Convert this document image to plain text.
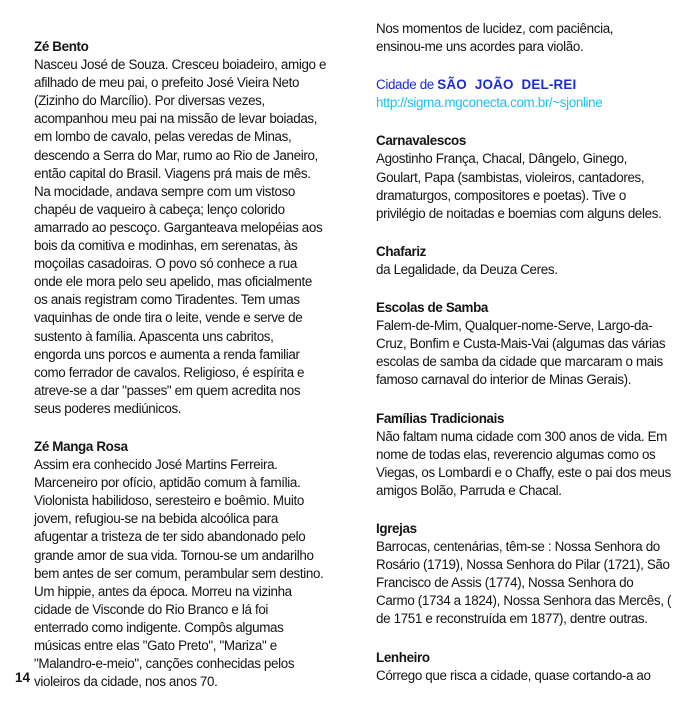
Zé Bento
Nasceu José de Souza. Cresceu boiadeiro, amigo e
afilhado de meu pai, o prefeito José Vieira Neto
(Zizinho do Marcílio). Por diversas vezes,
acompanhou meu pai na missão de levar boiadas,
em lombo de cavalo, pelas veredas de Minas,
descendo a Serra do Mar, rumo ao Rio de Janeiro,
então capital do Brasil. Viagens prá mais de mês.
Na mocidade, andava sempre com um vistoso
chapéu de vaqueiro à cabeça; lenço colorido
amarrado ao pescoço. Garganteava melopéias aos
bois da comitiva e modinhas, em serenatas, às
moçoilas casadoiras. O povo só conhece a rua
onde ele mora pelo seu apelido, mas oficialmente
os anais registram como Tiradentes. Tem umas
vaquinhas de onde tira o leite, vende e serve de
sustento à família. Apascenta uns cabritos,
engorda uns porcos e aumenta a renda familiar
como ferrador de cavalos. Religioso, é espírita e
atreve-se a dar "passes" em quem acredita nos
seus poderes mediúnicos.
Zé Manga Rosa
Assim era conhecido José Martins Ferreira.
Marceneiro por ofício, aptidão comum à família.
Violonista habilidoso, seresteiro e boêmio. Muito
jovem, refugiou-se na bebida alcoólica para
afugentar a tristeza de ter sido abandonado pelo
grande amor de sua vida. Tornou-se um andarilho
bem antes de ser comum, perambular sem destino.
Um hippie, antes da época. Morreu na vizinha
cidade de Visconde do Rio Branco e lá foi
enterrado como indigente. Compôs algumas
músicas entre elas "Gato Preto", "Mariza" e
"Malandro-e-meio", canções conhecidas pelos
violeiros da cidade, nos anos 70.
Nos momentos de lucidez, com paciência,
ensinou-me uns acordes para violão.
Cidade de SÃO JOÃO DEL-REI
http://sigma.mgconecta.com.br/~sjonline
Carnavalescos
Agostinho França, Chacal, Dângelo, Ginego,
Goulart, Papa (sambistas, violeiros, cantadores,
dramaturgos, compositores e poetas). Tive o
privilégio de noitadas e boemias com alguns deles.
Chafariz
da Legalidade, da Deuza Ceres.
Escolas de Samba
Falem-de-Mim, Qualquer-nome-Serve, Largo-da-
Cruz, Bonfim e Custa-Mais-Vai (algumas das várias
escolas de samba da cidade que marcaram o mais
famoso carnaval do interior de Minas Gerais).
Famílias Tradicionais
Não faltam numa cidade com 300 anos de vida. Em
nome de todas elas, reverencio algumas como os
Viegas, os Lombardi e o Chaffy, este o pai dos meus
amigos Bolão, Parruda e Chacal.
Igrejas
Barrocas, centenárias, têm-se : Nossa Senhora do
Rosário (1719), Nossa Senhora do Pilar (1721), São
Francisco de Assis (1774), Nossa Senhora do
Carmo (1734 a 1824), Nossa Senhora das Mercês, (
de 1751 e reconstruída em 1877), dentre outras.
Lenheiro
Córrego que risca a cidade, quase cortando-a ao
14
